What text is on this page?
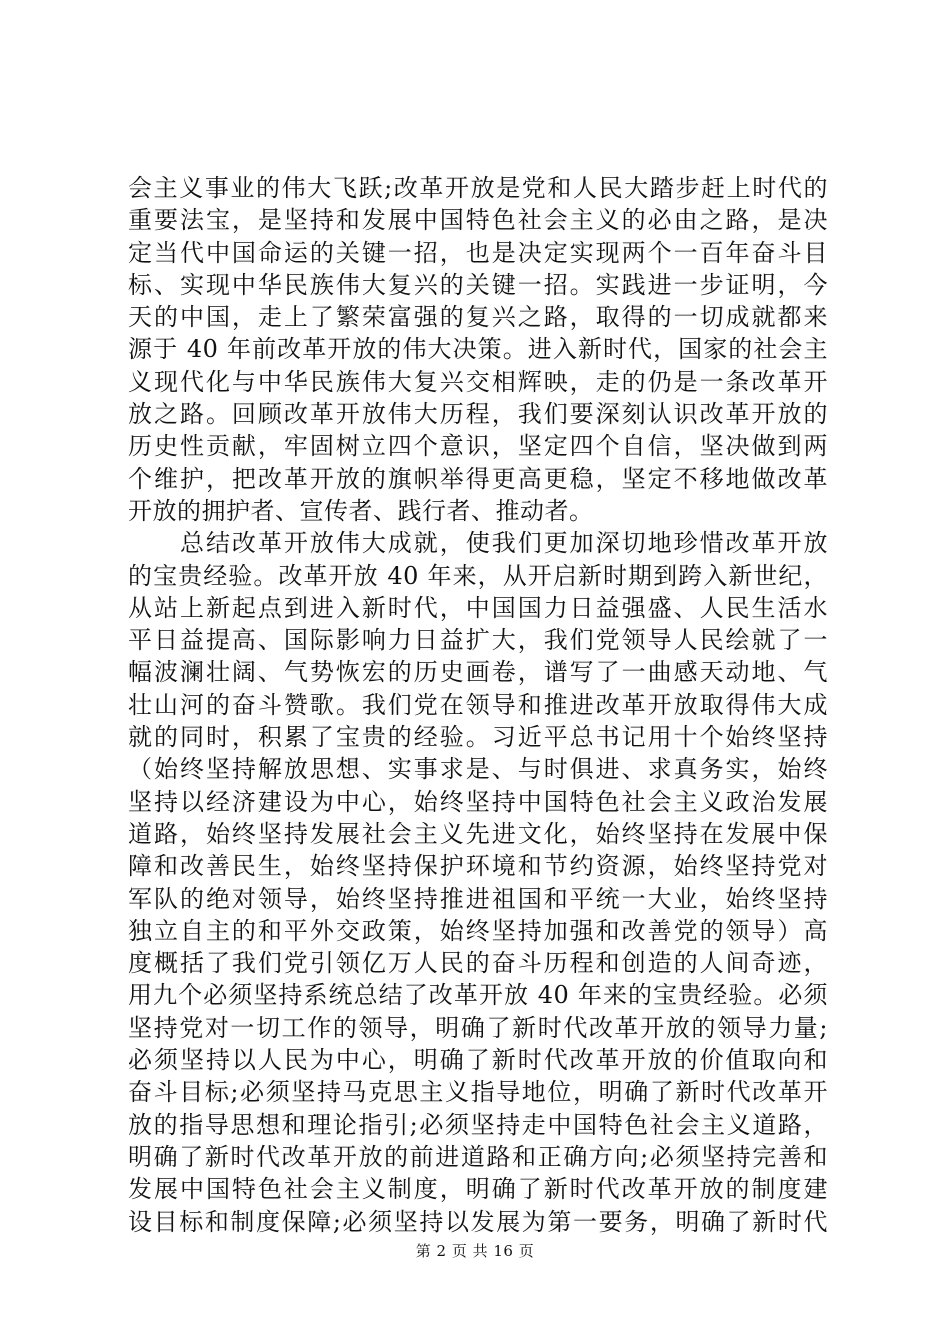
会主义事业的伟大飞跃;改革开放是党和人民大踏步赶上时代的
重要法宝，是坚持和发展中国特色社会主义的必由之路，是决
定当代中国命运的关键一招，也是决定实现两个一百年奋斗目
标、实现中华民族伟大复兴的关键一招。实践进一步证明，今
天的中国，走上了繁荣富强的复兴之路，取得的一切成就都来
源于 40 年前改革开放的伟大决策。进入新时代，国家的社会主
义现代化与中华民族伟大复兴交相辉映，走的仍是一条改革开
放之路。回顾改革开放伟大历程，我们要深刻认识改革开放的
历史性贡献，牢固树立四个意识，坚定四个自信，坚决做到两
个维护，把改革开放的旗帜举得更高更稳，坚定不移地做改革
开放的拥护者、宣传者、践行者、推动者。
　　总结改革开放伟大成就，使我们更加深切地珍惜改革开放
的宝贵经验。改革开放 40 年来，从开启新时期到跨入新世纪，
从站上新起点到进入新时代，中国国力日益强盛、人民生活水
平日益提高、国际影响力日益扩大，我们党领导人民绘就了一
幅波澜壮阔、气势恢宏的历史画卷，谱写了一曲感天动地、气
壮山河的奋斗赞歌。我们党在领导和推进改革开放取得伟大成
就的同时，积累了宝贵的经验。习近平总书记用十个始终坚持
（始终坚持解放思想、实事求是、与时俱进、求真务实，始终
坚持以经济建设为中心，始终坚持中国特色社会主义政治发展
道路，始终坚持发展社会主义先进文化，始终坚持在发展中保
障和改善民生，始终坚持保护环境和节约资源，始终坚持党对
军队的绝对领导，始终坚持推进祖国和平统一大业，始终坚持
独立自主的和平外交政策，始终坚持加强和改善党的领导）高
度概括了我们党引领亿万人民的奋斗历程和创造的人间奇迹，
用九个必须坚持系统总结了改革开放 40 年来的宝贵经验。必须
坚持党对一切工作的领导，明确了新时代改革开放的领导力量;
必须坚持以人民为中心，明确了新时代改革开放的价值取向和
奋斗目标;必须坚持马克思主义指导地位，明确了新时代改革开
放的指导思想和理论指引;必须坚持走中国特色社会主义道路，
明确了新时代改革开放的前进道路和正确方向;必须坚持完善和
发展中国特色社会主义制度，明确了新时代改革开放的制度建
设目标和制度保障;必须坚持以发展为第一要务，明确了新时代
第 2 页 共 16 页
